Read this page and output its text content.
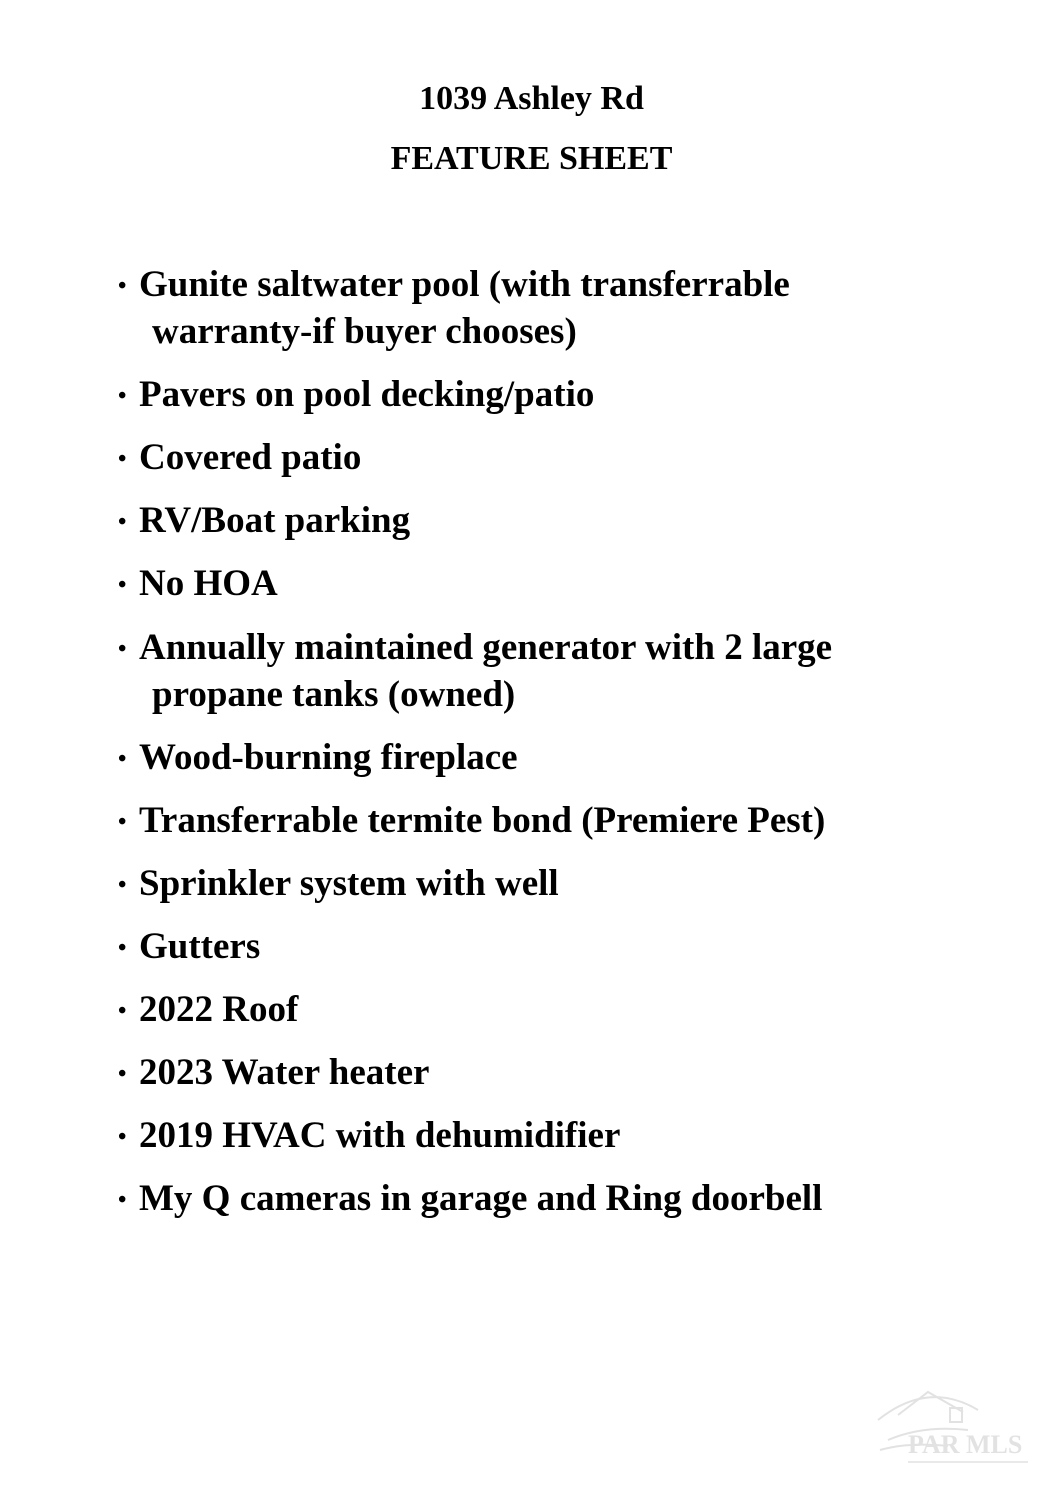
1039 Ashley Rd
FEATURE SHEET
• Gunite saltwater pool (with transferrable
warranty-if buyer chooses)
• Pavers on pool decking/patio
• Covered patio
• RV/Boat parking
• No HOA
• Annually maintained generator with 2 large
propane tanks (owned)
• Wood-burning fireplace
• Transferrable termite bond (Premiere Pest)
• Sprinkler system with well
• Gutters
• 2022 Roof
• 2023 Water heater
• 2019 HVAC with dehumidifier
• My Q cameras in garage and Ring doorbell
PAR MLS
